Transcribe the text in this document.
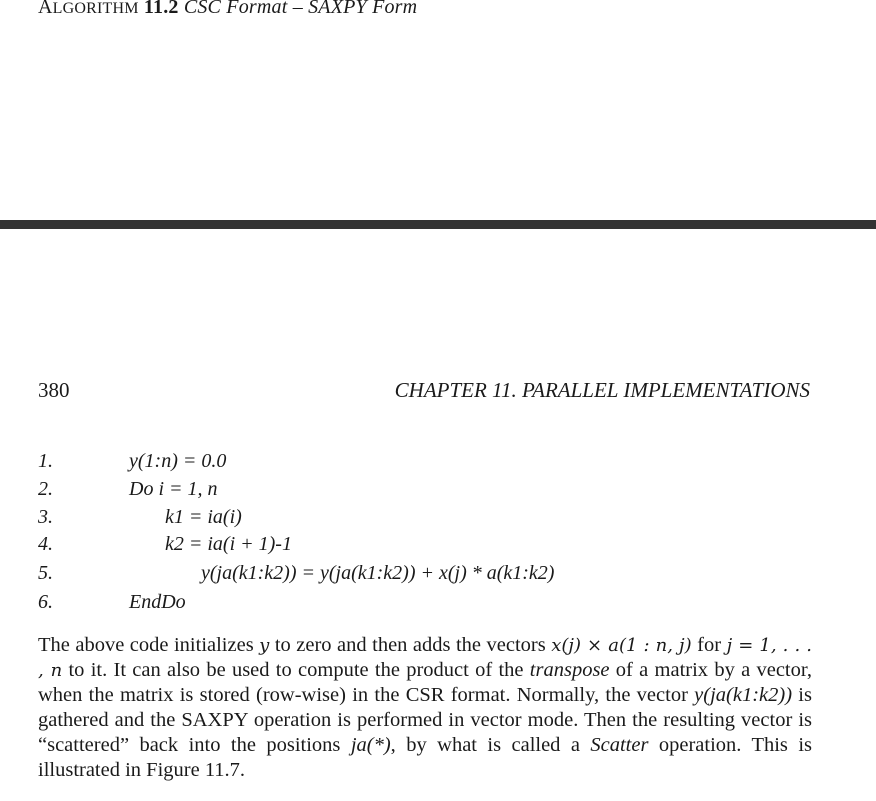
ALGORITHM 11.2 CSC Format – SAXPY Form
380	CHAPTER 11. PARALLEL IMPLEMENTATIONS
1.	y(1:n) = 0.0
2.	Do i = 1, n
3.	k1 = ia(i)
4.	k2 = ia(i + 1)-1
5.	y(ja(k1:k2)) = y(ja(k1:k2)) + x(j) * a(k1:k2)
6.	EndDo
The above code initializes y to zero and then adds the vectors x(j) × a(1 : n, j) for j = 1, . . . , n to it. It can also be used to compute the product of the transpose of a matrix by a vector, when the matrix is stored (row-wise) in the CSR format. Normally, the vector y(ja(k1:k2)) is gathered and the SAXPY operation is performed in vector mode. Then the resulting vector is “scattered” back into the positions ja(*), by what is called a Scatter operation. This is illustrated in Figure 11.7.
